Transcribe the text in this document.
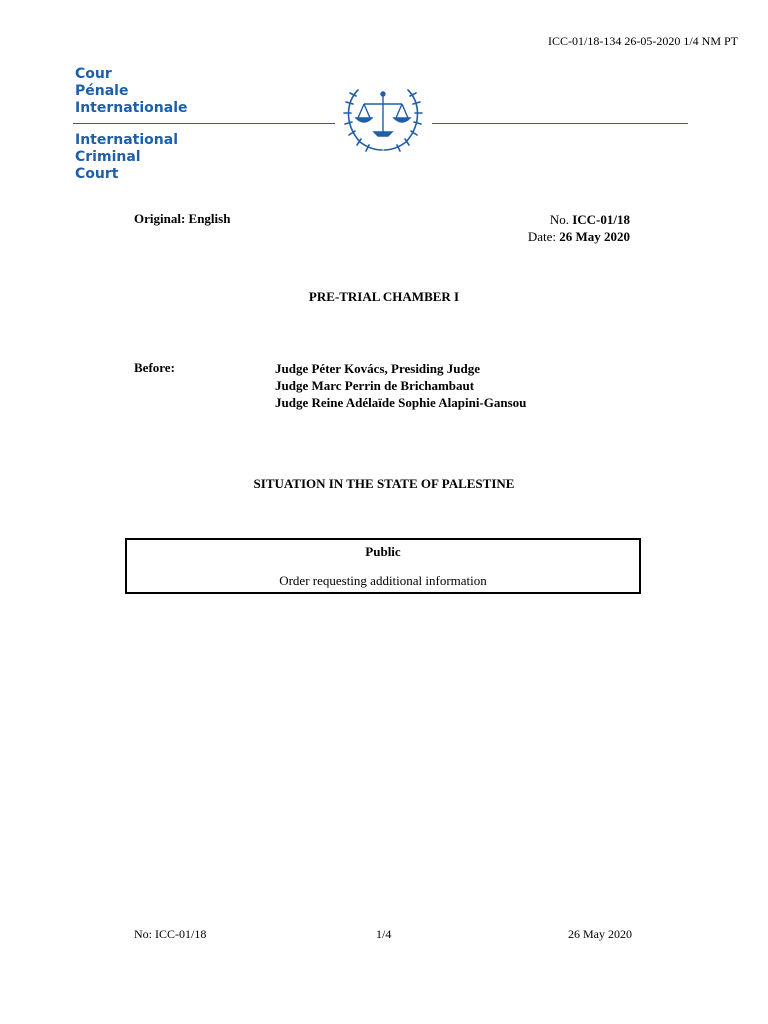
ICC-01/18-134 26-05-2020 1/4 NM PT
Cour
Pénale
Internationale
International
Criminal
Court
Original: English	No. ICC-01/18
Date: 26 May 2020
PRE-TRIAL CHAMBER I
Before:	Judge Péter Kovács, Presiding Judge
Judge Marc Perrin de Brichambaut
Judge Reine Adélaïde Sophie Alapini-Gansou
SITUATION IN THE STATE OF PALESTINE
Public
Order requesting additional information
No: ICC-01/18	1/4	26 May 2020
